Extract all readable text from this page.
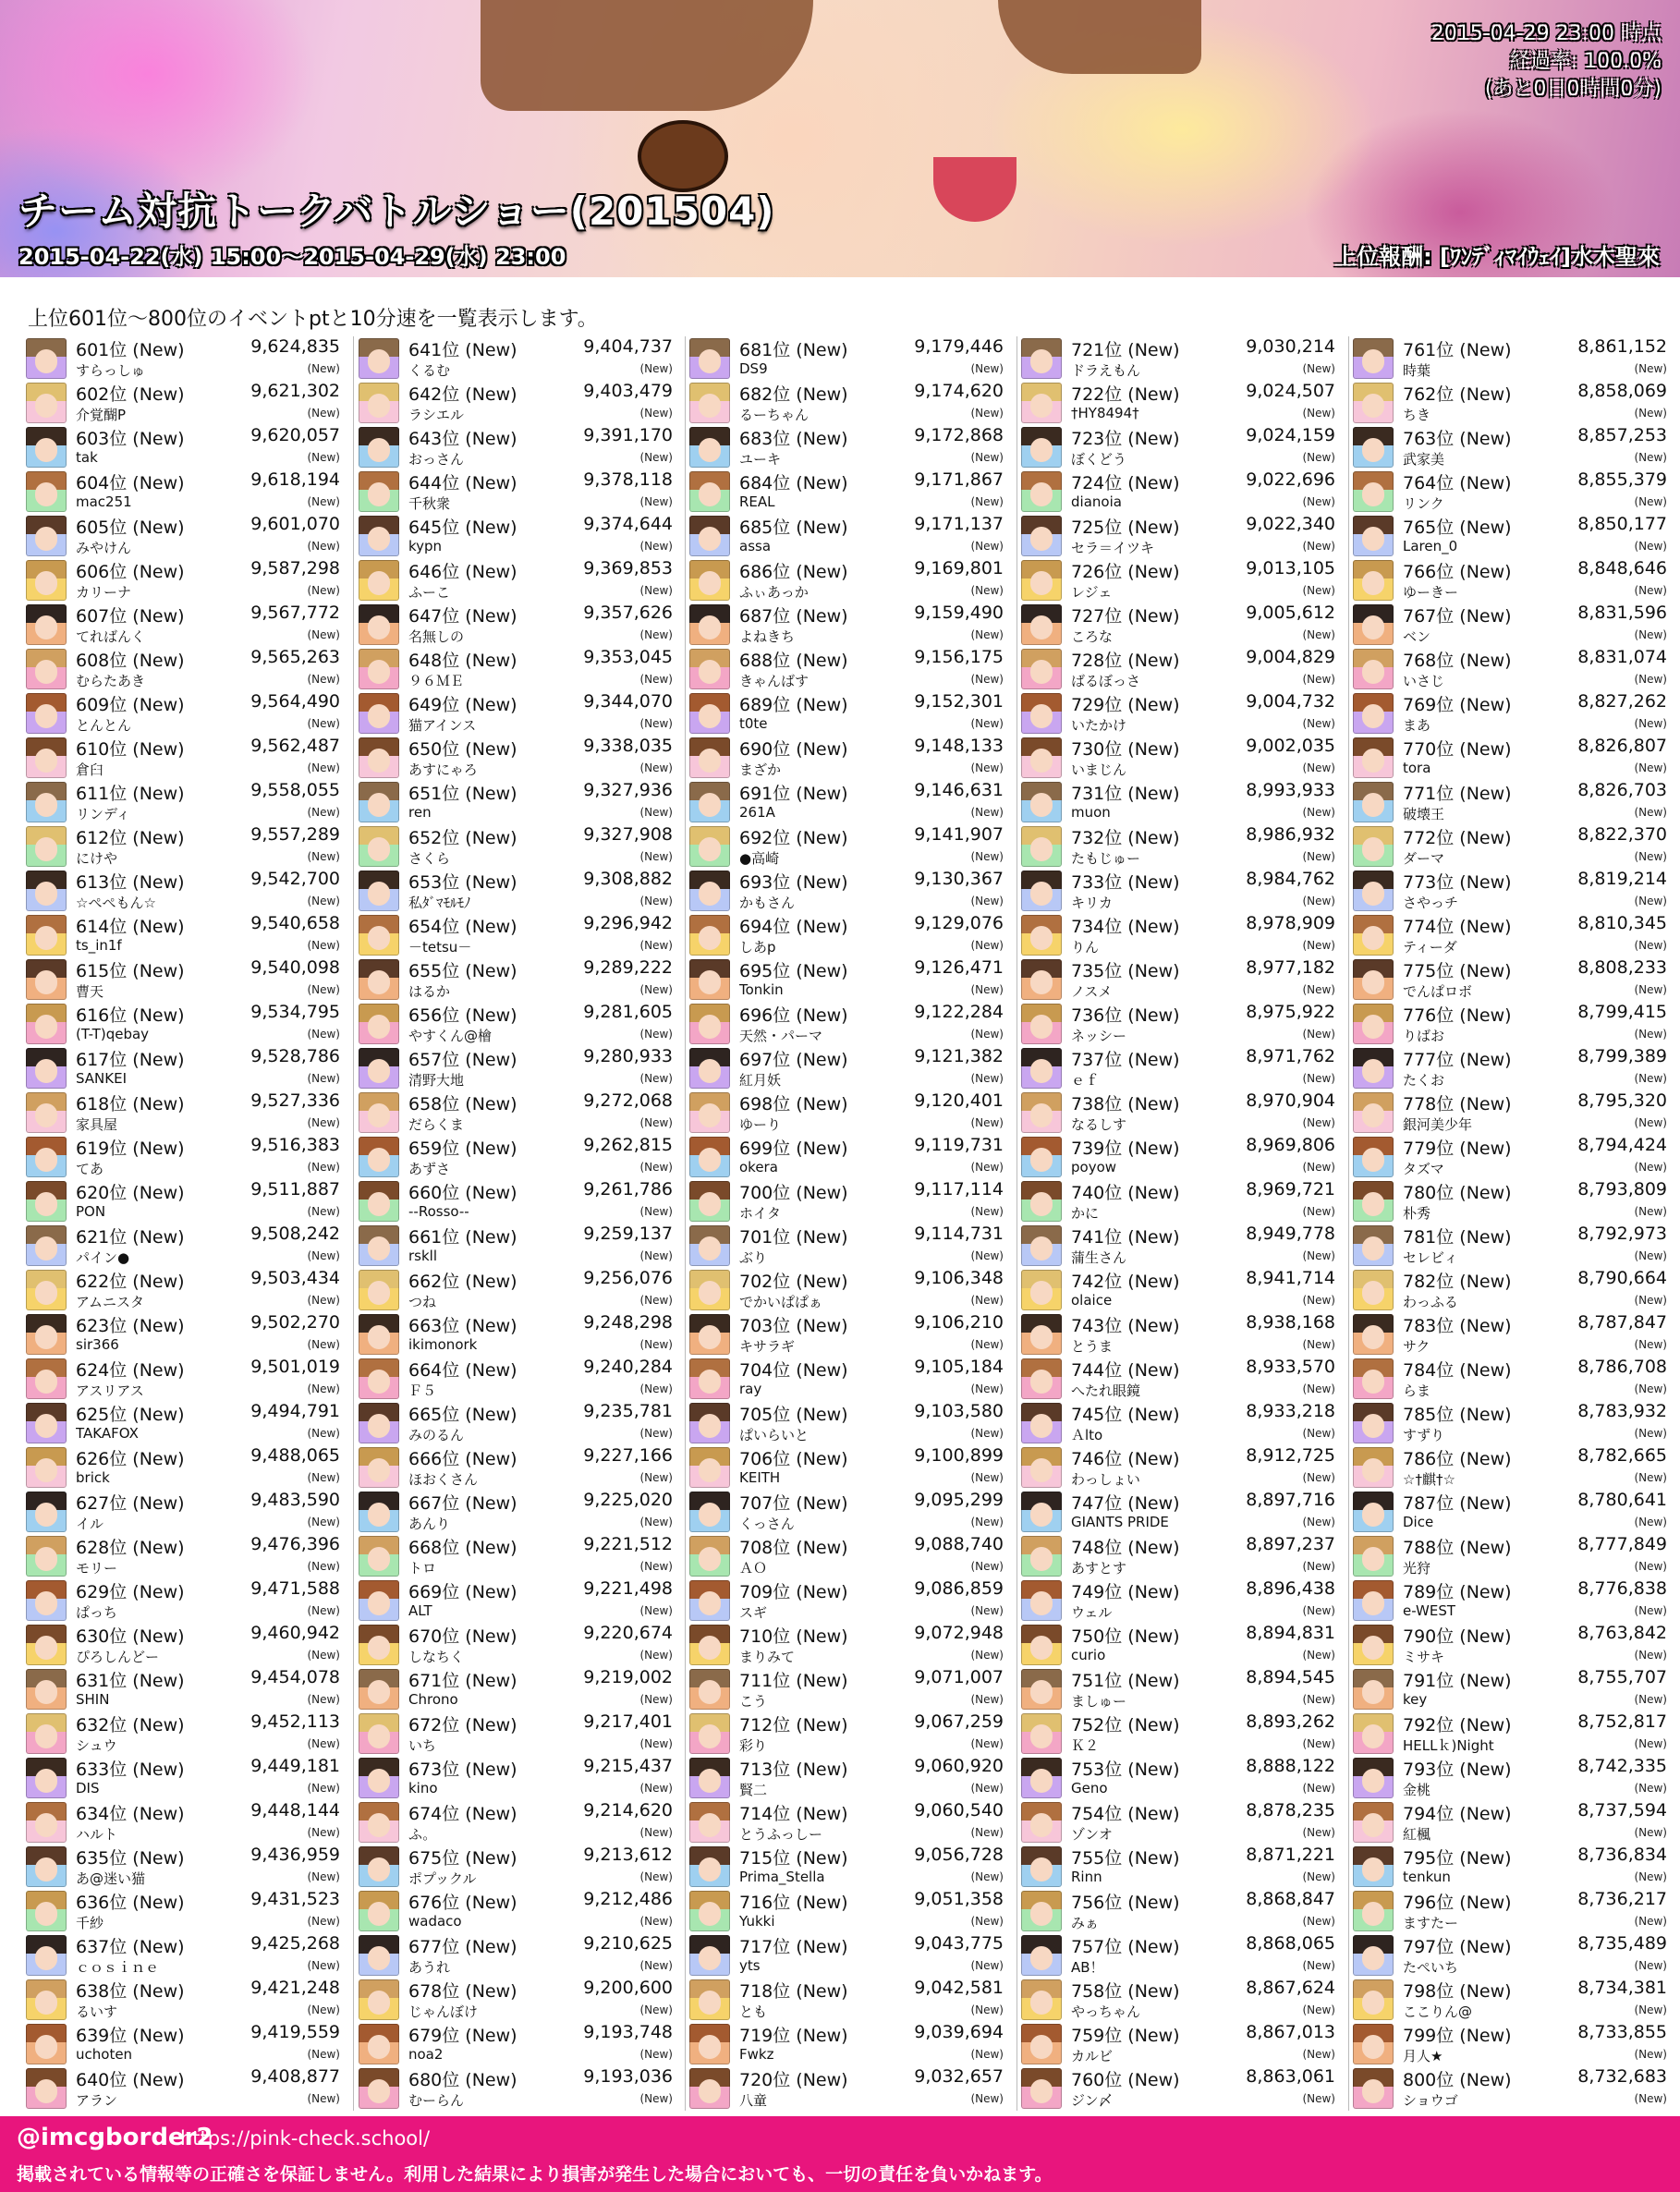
2015-04-29 23:00 時点
経過率: 100.0%
(あと0日0時間0分)
チーム対抗トークバトルショー(201504)
2015-04-22(水) 15:00～2015-04-29(水) 23:00	上位報酬: [ﾜﾝﾃﾞｨﾏｲｳｪｲ]水木聖來
上位601位～800位のイベントptと10分速を一覧表示します。
601位 (New)	9,624,835
すらっしゅ	(New)
602位 (New)	9,621,302
介覚醐P	(New)
603位 (New)	9,620,057
tak	(New)
604位 (New)	9,618,194
mac251	(New)
605位 (New)	9,601,070
みやけん	(New)
606位 (New)	9,587,298
カリーナ	(New)
607位 (New)	9,567,772
てればんく	(New)
608位 (New)	9,565,263
むらたあき	(New)
609位 (New)	9,564,490
とんとん	(New)
610位 (New)	9,562,487
倉臼	(New)
611位 (New)	9,558,055
リンディ	(New)
612位 (New)	9,557,289
にけや	(New)
613位 (New)	9,542,700
☆ぺぺもん☆	(New)
614位 (New)	9,540,658
ts_in1f	(New)
615位 (New)	9,540,098
曹天	(New)
616位 (New)	9,534,795
(T-T)qebay	(New)
617位 (New)	9,528,786
SANKEI	(New)
618位 (New)	9,527,336
家具屋	(New)
619位 (New)	9,516,383
てあ	(New)
620位 (New)	9,511,887
PON	(New)
621位 (New)	9,508,242
パイン●	(New)
622位 (New)	9,503,434
アムニスタ	(New)
623位 (New)	9,502,270
sir366	(New)
624位 (New)	9,501,019
アスリアス	(New)
625位 (New)	9,494,791
TAKAFOX	(New)
626位 (New)	9,488,065
brick	(New)
627位 (New)	9,483,590
イル	(New)
628位 (New)	9,476,396
モリー	(New)
629位 (New)	9,471,588
ぱっち	(New)
630位 (New)	9,460,942
ぴろしんどー	(New)
631位 (New)	9,454,078
SHIN	(New)
632位 (New)	9,452,113
シュウ	(New)
633位 (New)	9,449,181
DIS	(New)
634位 (New)	9,448,144
ハルト	(New)
635位 (New)	9,436,959
あ@迷い猫	(New)
636位 (New)	9,431,523
千紗	(New)
637位 (New)	9,425,268
ｃｏｓｉｎｅ	(New)
638位 (New)	9,421,248
るいす	(New)
639位 (New)	9,419,559
uchoten	(New)
640位 (New)	9,408,877
アラン	(New)
641位 (New)	9,404,737
くるむ	(New)
642位 (New)	9,403,479
ラシエル	(New)
643位 (New)	9,391,170
おっさん	(New)
644位 (New)	9,378,118
千秋衆	(New)
645位 (New)	9,374,644
kypn	(New)
646位 (New)	9,369,853
ふーこ	(New)
647位 (New)	9,357,626
名無しの	(New)
648位 (New)	9,353,045
９６ＭＥ	(New)
649位 (New)	9,344,070
猫アインス	(New)
650位 (New)	9,338,035
あすにゃろ	(New)
651位 (New)	9,327,936
ren	(New)
652位 (New)	9,327,908
さくら	(New)
653位 (New)	9,308,882
私ﾀﾞﾏﾓﾙﾓﾉ	(New)
654位 (New)	9,296,942
－tetsu－	(New)
655位 (New)	9,289,222
はるか	(New)
656位 (New)	9,281,605
やすくん@檜	(New)
657位 (New)	9,280,933
清野大地	(New)
658位 (New)	9,272,068
だらくま	(New)
659位 (New)	9,262,815
あずさ	(New)
660位 (New)	9,261,786
--Rosso--	(New)
661位 (New)	9,259,137
rskll	(New)
662位 (New)	9,256,076
つね	(New)
663位 (New)	9,248,298
ikimonork	(New)
664位 (New)	9,240,284
Ｆ５	(New)
665位 (New)	9,235,781
みのるん	(New)
666位 (New)	9,227,166
ほおくさん	(New)
667位 (New)	9,225,020
あんり	(New)
668位 (New)	9,221,512
トロ	(New)
669位 (New)	9,221,498
ALT	(New)
670位 (New)	9,220,674
しなちく	(New)
671位 (New)	9,219,002
Chrono	(New)
672位 (New)	9,217,401
いち	(New)
673位 (New)	9,215,437
kino	(New)
674位 (New)	9,214,620
ふ。	(New)
675位 (New)	9,213,612
ポプックル	(New)
676位 (New)	9,212,486
wadaco	(New)
677位 (New)	9,210,625
あうれ	(New)
678位 (New)	9,200,600
じゃんぼけ	(New)
679位 (New)	9,193,748
noa2	(New)
680位 (New)	9,193,036
むーらん	(New)
681位 (New)	9,179,446
DS9	(New)
682位 (New)	9,174,620
るーちゃん	(New)
683位 (New)	9,172,868
ユーキ	(New)
684位 (New)	9,171,867
REAL	(New)
685位 (New)	9,171,137
assa	(New)
686位 (New)	9,169,801
ふぃあっか	(New)
687位 (New)	9,159,490
よねきち	(New)
688位 (New)	9,156,175
きゃんばす	(New)
689位 (New)	9,152,301
t0te	(New)
690位 (New)	9,148,133
まざか	(New)
691位 (New)	9,146,631
261A	(New)
692位 (New)	9,141,907
●高崎	(New)
693位 (New)	9,130,367
かもさん	(New)
694位 (New)	9,129,076
しあp	(New)
695位 (New)	9,126,471
Tonkin	(New)
696位 (New)	9,122,284
天然・パーマ	(New)
697位 (New)	9,121,382
紅月妖	(New)
698位 (New)	9,120,401
ゆーり	(New)
699位 (New)	9,119,731
okera	(New)
700位 (New)	9,117,114
ホイタ	(New)
701位 (New)	9,114,731
ぶり	(New)
702位 (New)	9,106,348
でかいぱぱぁ	(New)
703位 (New)	9,106,210
キサラギ	(New)
704位 (New)	9,105,184
ray	(New)
705位 (New)	9,103,580
ぱいらいと	(New)
706位 (New)	9,100,899
KEITH	(New)
707位 (New)	9,095,299
くっさん	(New)
708位 (New)	9,088,740
ＡＯ	(New)
709位 (New)	9,086,859
スギ	(New)
710位 (New)	9,072,948
まりみて	(New)
711位 (New)	9,071,007
こう	(New)
712位 (New)	9,067,259
彩り	(New)
713位 (New)	9,060,920
賢二	(New)
714位 (New)	9,060,540
とうふっしー	(New)
715位 (New)	9,056,728
Prima_Stella	(New)
716位 (New)	9,051,358
Yukki	(New)
717位 (New)	9,043,775
yts	(New)
718位 (New)	9,042,581
とも	(New)
719位 (New)	9,039,694
Fwkz	(New)
720位 (New)	9,032,657
八童	(New)
721位 (New)	9,030,214
ドラえもん	(New)
722位 (New)	9,024,507
†HY8494†	(New)
723位 (New)	9,024,159
ぼくどう	(New)
724位 (New)	9,022,696
dianoia	(New)
725位 (New)	9,022,340
セラ＝イツキ	(New)
726位 (New)	9,013,105
レジェ	(New)
727位 (New)	9,005,612
ころな	(New)
728位 (New)	9,004,829
ばるぼっさ	(New)
729位 (New)	9,004,732
いたかけ	(New)
730位 (New)	9,002,035
いまじん	(New)
731位 (New)	8,993,933
muon	(New)
732位 (New)	8,986,932
たもじゅー	(New)
733位 (New)	8,984,762
キリカ	(New)
734位 (New)	8,978,909
りん	(New)
735位 (New)	8,977,182
ノスメ	(New)
736位 (New)	8,975,922
ネッシー	(New)
737位 (New)	8,971,762
ｅｆ	(New)
738位 (New)	8,970,904
なるしす	(New)
739位 (New)	8,969,806
poyow	(New)
740位 (New)	8,969,721
かに	(New)
741位 (New)	8,949,778
蒲生さん	(New)
742位 (New)	8,941,714
olaice	(New)
743位 (New)	8,938,168
とうま	(New)
744位 (New)	8,933,570
へたれ眼鏡	(New)
745位 (New)	8,933,218
Ａlto	(New)
746位 (New)	8,912,725
わっしょい	(New)
747位 (New)	8,897,716
GIANTS PRIDE	(New)
748位 (New)	8,897,237
あすとす	(New)
749位 (New)	8,896,438
ウェル	(New)
750位 (New)	8,894,831
curio	(New)
751位 (New)	8,894,545
ましゅー	(New)
752位 (New)	8,893,262
Ｋ２	(New)
753位 (New)	8,888,122
Geno	(New)
754位 (New)	8,878,235
ゾンオ	(New)
755位 (New)	8,871,221
Rinn	(New)
756位 (New)	8,868,847
みぁ	(New)
757位 (New)	8,868,065
AB！	(New)
758位 (New)	8,867,624
やっちゃん	(New)
759位 (New)	8,867,013
カルビ	(New)
760位 (New)	8,863,061
ジン〆	(New)
761位 (New)	8,861,152
時葉	(New)
762位 (New)	8,858,069
ちき	(New)
763位 (New)	8,857,253
武家美	(New)
764位 (New)	8,855,379
リンク	(New)
765位 (New)	8,850,177
Laren_0	(New)
766位 (New)	8,848,646
ゆーきー	(New)
767位 (New)	8,831,596
ベン	(New)
768位 (New)	8,831,074
いさじ	(New)
769位 (New)	8,827,262
まあ	(New)
770位 (New)	8,826,807
tora	(New)
771位 (New)	8,826,703
破壊王	(New)
772位 (New)	8,822,370
ダーマ	(New)
773位 (New)	8,819,214
さやっチ	(New)
774位 (New)	8,810,345
ティーダ	(New)
775位 (New)	8,808,233
でんぱロボ	(New)
776位 (New)	8,799,415
りばお	(New)
777位 (New)	8,799,389
たくお	(New)
778位 (New)	8,795,320
銀河美少年	(New)
779位 (New)	8,794,424
タズマ	(New)
780位 (New)	8,793,809
朴秀	(New)
781位 (New)	8,792,973
セレビィ	(New)
782位 (New)	8,790,664
わっふる	(New)
783位 (New)	8,787,847
サク	(New)
784位 (New)	8,786,708
らま	(New)
785位 (New)	8,783,932
すずり	(New)
786位 (New)	8,782,665
☆†麒†☆	(New)
787位 (New)	8,780,641
Dice	(New)
788位 (New)	8,777,849
光狩	(New)
789位 (New)	8,776,838
e-WEST	(New)
790位 (New)	8,763,842
ミサキ	(New)
791位 (New)	8,755,707
key	(New)
792位 (New)	8,752,817
HELLｋ)Night	(New)
793位 (New)	8,742,335
金桃	(New)
794位 (New)	8,737,594
紅楓	(New)
795位 (New)	8,736,834
tenkun	(New)
796位 (New)	8,736,217
ますたー	(New)
797位 (New)	8,735,489
たぺいち	(New)
798位 (New)	8,734,381
ここりん@	(New)
799位 (New)	8,733,855
月人★	(New)
800位 (New)	8,732,683
ショウゴ	(New)
@imcgborder2
https://pink-check.school/
掲載されている情報等の正確さを保証しません。利用した結果により損害が発生した場合においても、一切の責任を負いかねます。
